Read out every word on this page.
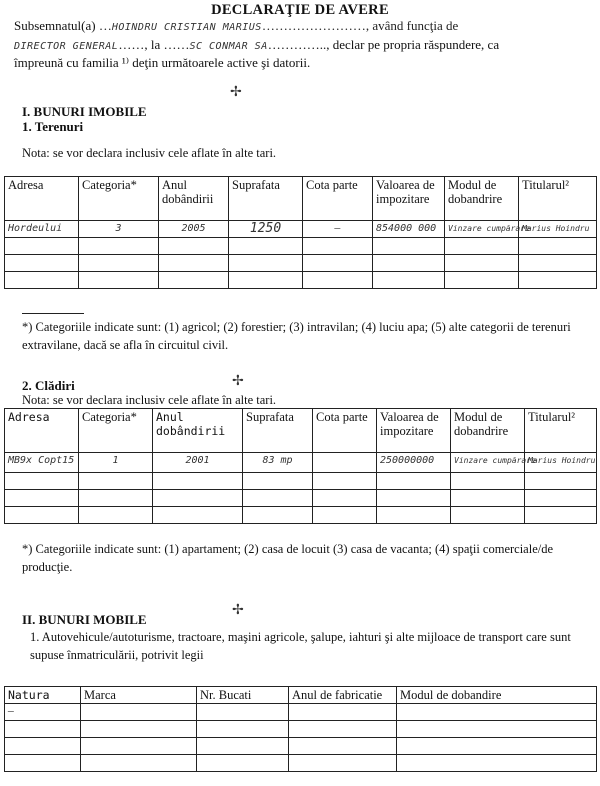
DECLARAŢIE DE AVERE
Subsemnatul(a) …HOINDRU CRISTIAN MARIUS……………………, având funcţia de
DIRECTOR GENERAL……, la ……SC CONMAR SA………….., declar pe propria răspundere, ca
împreună cu familia ¹⁾ deţin următoarele active şi datorii.
✢
I. BUNURI IMOBILE
1. Terenuri
Nota: se vor declara inclusiv cele aflate în alte tari.
Adresa	Categoria*	Anul dobândirii	Suprafata	Cota parte	Valoarea de impozitare	Modul de dobandrire	Titularul²
Hordeului	3	2005	1250	–	854000 000	Vinzare cumpărare	Marius Hoindru

*) Categoriile indicate sunt: (1) agricol; (2) forestier; (3) intravilan; (4) luciu apa; (5) alte categorii de terenuri extravilane, dacă se afla în circuitul civil.
✢
2. Clădiri
Nota: se vor declara inclusiv cele aflate în alte tari.
Adresa	Categoria*	Anul dobândirii	Suprafata	Cota parte	Valoarea de impozitare	Modul de dobandrire	Titularul²
MB9x Copt15	1	2001	83 mp		250000000	Vinzare cumpărare	Marius Hoindru

*) Categoriile indicate sunt: (1) apartament; (2) casa de locuit (3) casa de vacanta; (4) spaţii comerciale/de producţie.
✢
II. BUNURI MOBILE
1. Autovehicule/autoturisme, tractoare, maşini agricole, şalupe, iahturi şi alte mijloace de transport care sunt supuse înmatriculării, potrivit legii
Natura	Marca	Nr. Bucati	Anul de fabricatie	Modul de dobandire
–				
